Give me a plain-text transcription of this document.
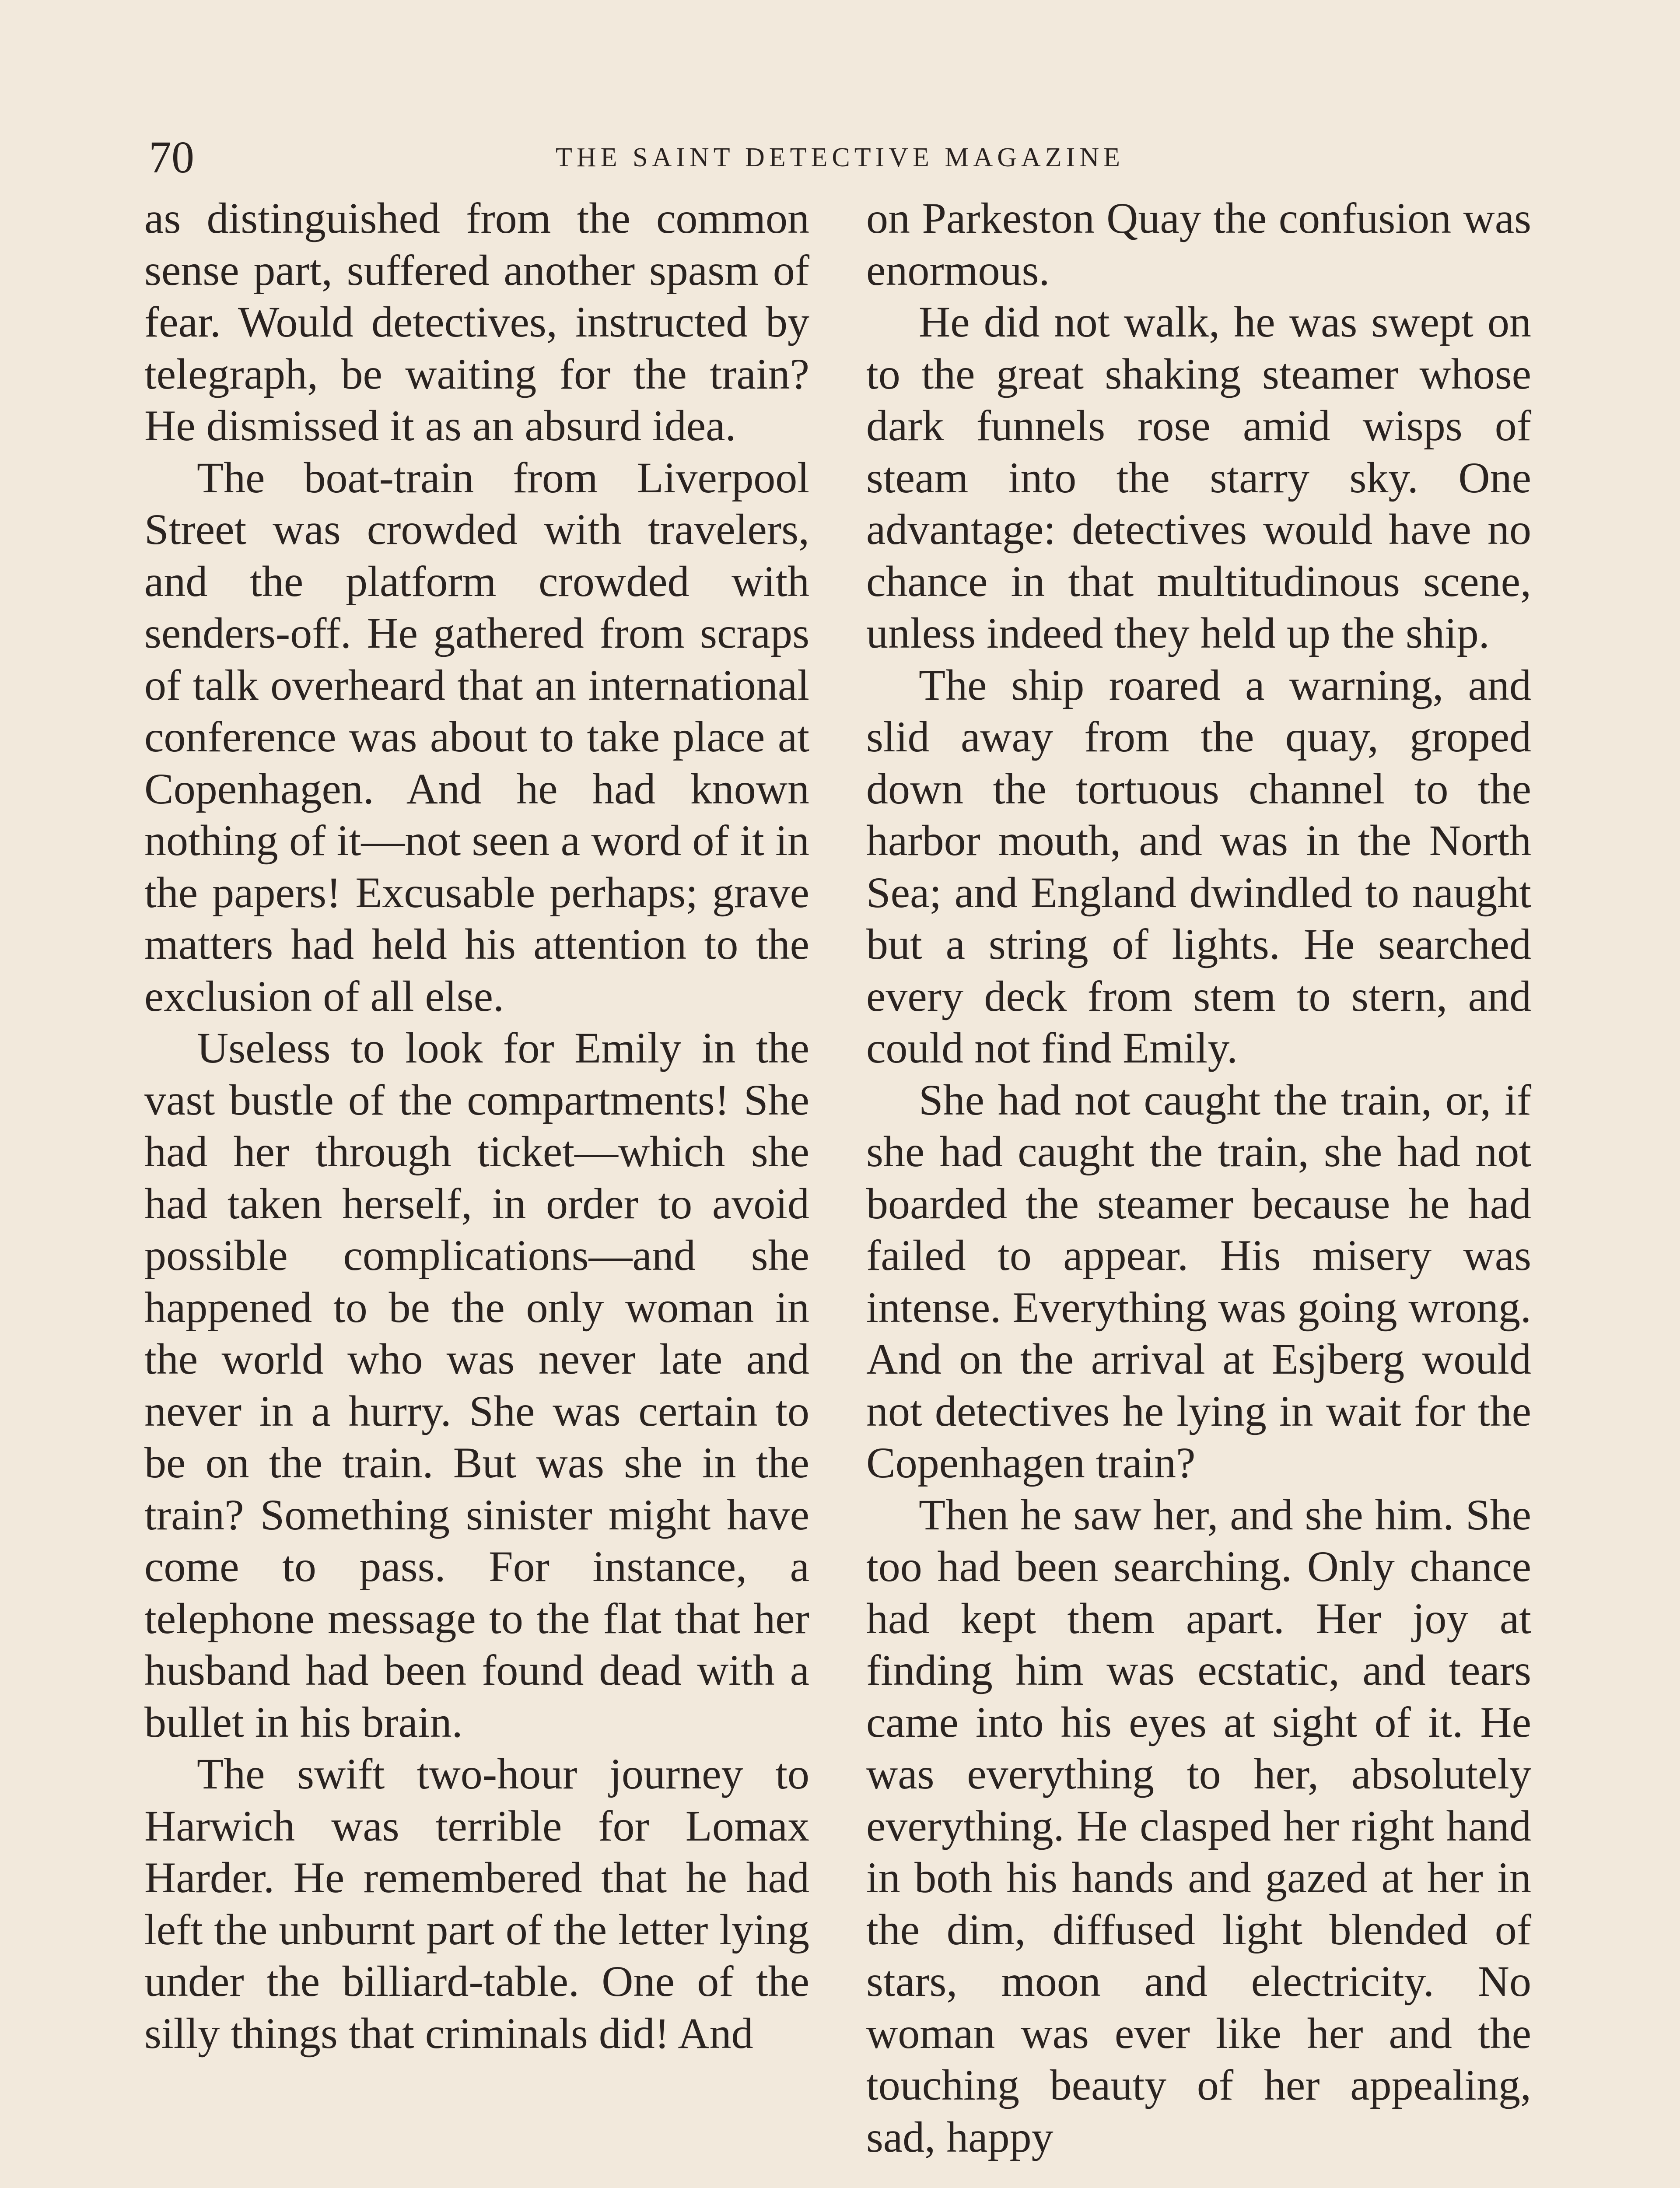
70	THE SAINT DETECTIVE MAGAZINE

as distinguished from the common sense part, suffered another spasm of fear. Would detectives, instructed by telegraph, be waiting for the train? He dismissed it as an absurd idea.

The boat-train from Liverpool Street was crowded with travelers, and the platform crowded with senders-off. He gathered from scraps of talk overheard that an international conference was about to take place at Copenhagen. And he had known nothing of it—not seen a word of it in the papers! Excusable perhaps; grave matters had held his attention to the exclusion of all else.

Useless to look for Emily in the vast bustle of the compartments! She had her through ticket—which she had taken herself, in order to avoid possible complications—and she happened to be the only woman in the world who was never late and never in a hurry. She was certain to be on the train. But was she in the train? Something sinister might have come to pass. For instance, a telephone message to the flat that her husband had been found dead with a bullet in his brain.

The swift two-hour journey to Harwich was terrible for Lomax Harder. He remembered that he had left the unburnt part of the letter lying under the billiard-table. One of the silly things that criminals did! And

on Parkeston Quay the confusion was enormous.

He did not walk, he was swept on to the great shaking steamer whose dark funnels rose amid wisps of steam into the starry sky. One advantage: detectives would have no chance in that multitudinous scene, unless indeed they held up the ship.

The ship roared a warning, and slid away from the quay, groped down the tortuous channel to the harbor mouth, and was in the North Sea; and England dwindled to naught but a string of lights. He searched every deck from stem to stern, and could not find Emily.

She had not caught the train, or, if she had caught the train, she had not boarded the steamer because he had failed to appear. His misery was intense. Everything was going wrong. And on the arrival at Esjberg would not detectives he lying in wait for the Copenhagen train?

Then he saw her, and she him. She too had been searching. Only chance had kept them apart. Her joy at finding him was ecstatic, and tears came into his eyes at sight of it. He was everything to her, absolutely everything. He clasped her right hand in both his hands and gazed at her in the dim, diffused light blended of stars, moon and electricity. No woman was ever like her and the touching beauty of her appealing, sad, happy
